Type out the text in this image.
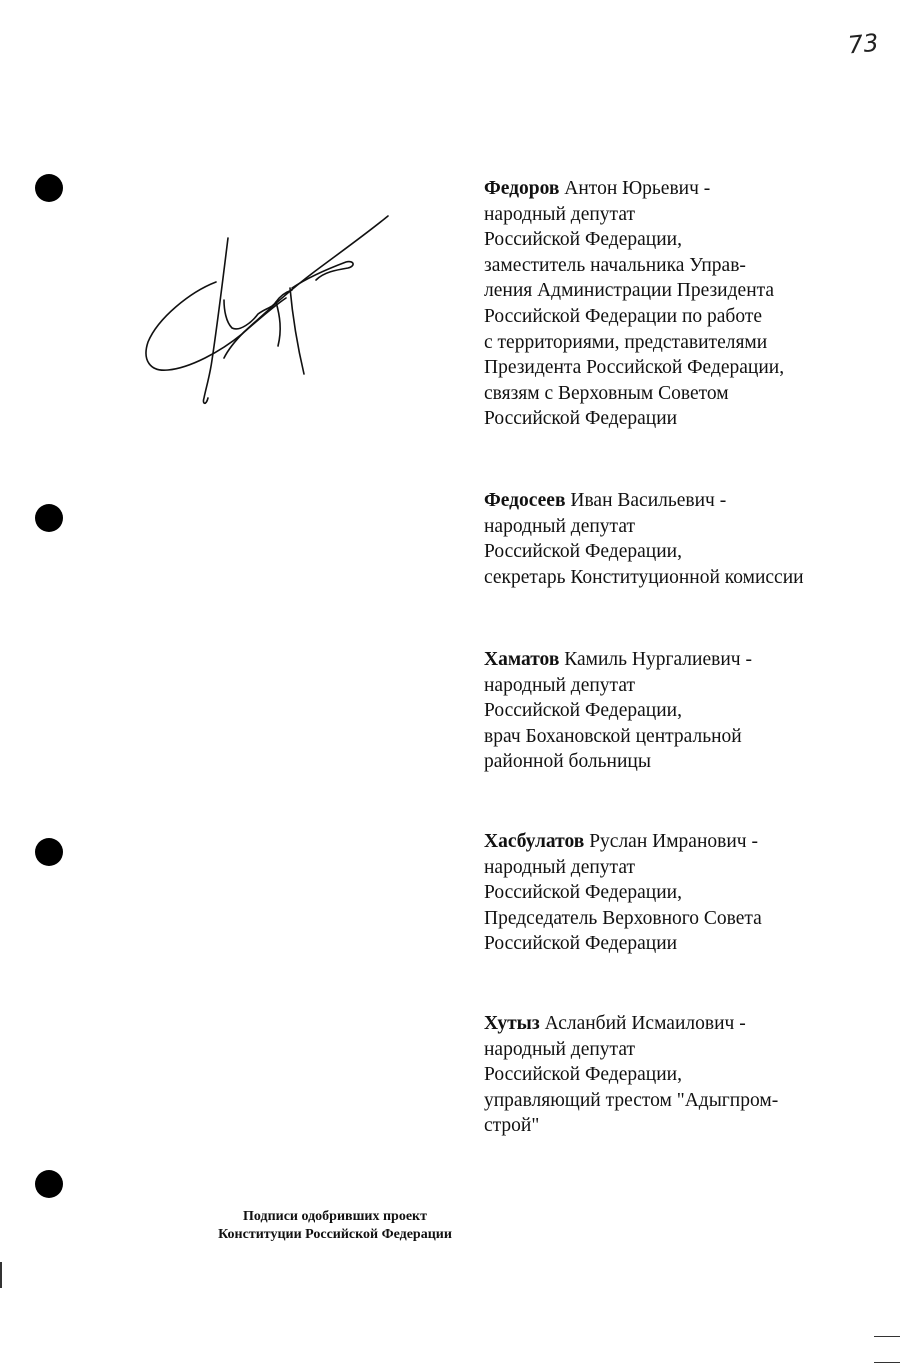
73
Федоров Антон Юрьевич -
народный депутат
Российской Федерации,
заместитель начальника Управ-
ления Администрации Президента
Российской Федерации по работе
с территориями, представителями
Президента Российской Федерации,
связям с Верховным Советом
Российской Федерации
Федосеев Иван Васильевич -
народный депутат
Российской Федерации,
секретарь Конституционной комиссии
Хаматов Камиль Нургалиевич -
народный депутат
Российской Федерации,
врач Бохановской центральной
районной больницы
Хасбулатов Руслан Имранович -
народный депутат
Российской Федерации,
Председатель Верховного Совета
Российской Федерации
Хутыз Асланбий Исмаилович -
народный депутат
Российской Федерации,
управляющий трестом "Адыгпром-
строй"
Подписи одобривших проект
Конституции Российской Федерации
